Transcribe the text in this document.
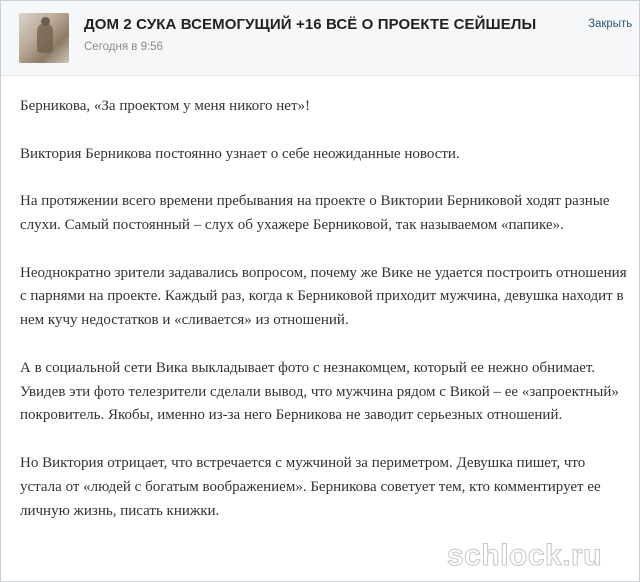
ДОМ 2 СУКА ВСЕМОГУЩИЙ +16 ВСЁ О ПРОЕКТЕ СЕЙШЕЛЫ
Сегодня в 9:56
Закрыть

Берникова, «За проектом у меня никого нет»!

Виктория Берникова постоянно узнает о себе неожиданные новости.

На протяжении всего времени пребывания на проекте о Виктории Берниковой ходят разные слухи. Самый постоянный – слух об ухажере Берниковой, так называемом «папике».

Неоднократно зрители задавались вопросом, почему же Вике не удается построить отношения с парнями на проекте. Каждый раз, когда к Берниковой приходит мужчина, девушка находит в нем кучу недостатков и «сливается» из отношений.

А в социальной сети Вика выкладывает фото с незнакомцем, который ее нежно обнимает. Увидев эти фото телезрители сделали вывод, что мужчина рядом с Викой – ее «запроектный» покровитель. Якобы, именно из-за него Берникова не заводит серьезных отношений.

Но Виктория отрицает, что встречается с мужчиной за периметром. Девушка пишет, что устала от «людей с богатым воображением». Берникова советует тем, кто комментирует ее личную жизнь, писать книжки.

schlock.ru
